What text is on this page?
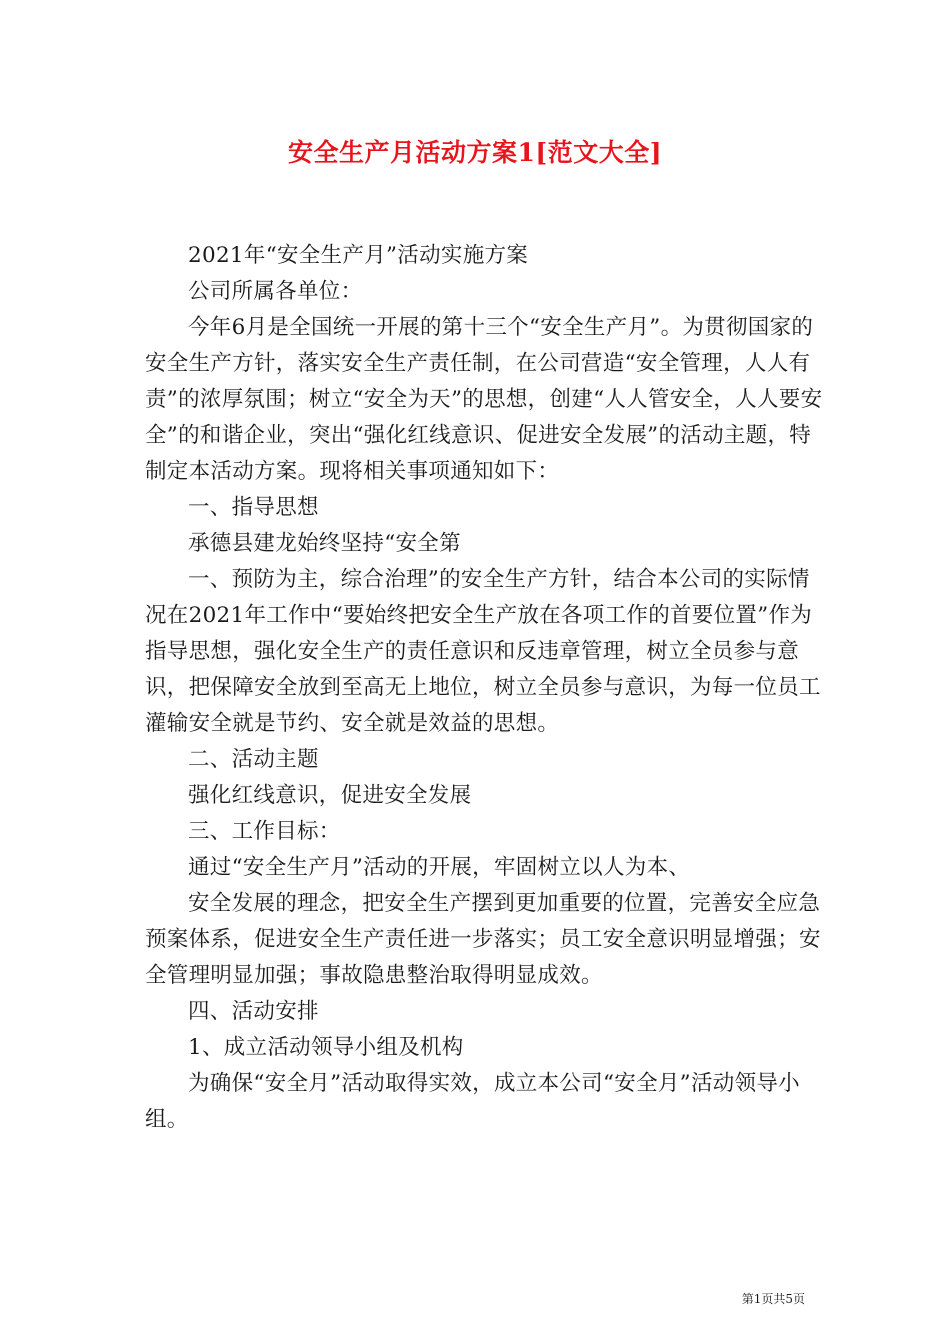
安全生产月活动方案1[范文大全]

2021年“安全生产月”活动实施方案

公司所属各单位：

今年6月是全国统一开展的第十三个“安全生产月”。为贯彻国家的安全生产方针，落实安全生产责任制，在公司营造“安全管理，人人有责”的浓厚氛围；树立“安全为天”的思想，创建“人人管安全，人人要安全”的和谐企业，突出“强化红线意识、促进安全发展”的活动主题，特制定本活动方案。现将相关事项通知如下：

一、指导思想

承德县建龙始终坚持“安全第

一、预防为主，综合治理”的安全生产方针，结合本公司的实际情况在2021年工作中“要始终把安全生产放在各项工作的首要位置”作为指导思想，强化安全生产的责任意识和反违章管理，树立全员参与意识，把保障安全放到至高无上地位，树立全员参与意识，为每一位员工灌输安全就是节约、安全就是效益的思想。

二、活动主题

强化红线意识，促进安全发展

三、工作目标：

通过“安全生产月”活动的开展，牢固树立以人为本、

安全发展的理念，把安全生产摆到更加重要的位置，完善安全应急预案体系，促进安全生产责任进一步落实；员工安全意识明显增强；安全管理明显加强；事故隐患整治取得明显成效。

四、活动安排

1、成立活动领导小组及机构

为确保“安全月”活动取得实效，成立本公司“安全月”活动领导小组。

第1页共5页
